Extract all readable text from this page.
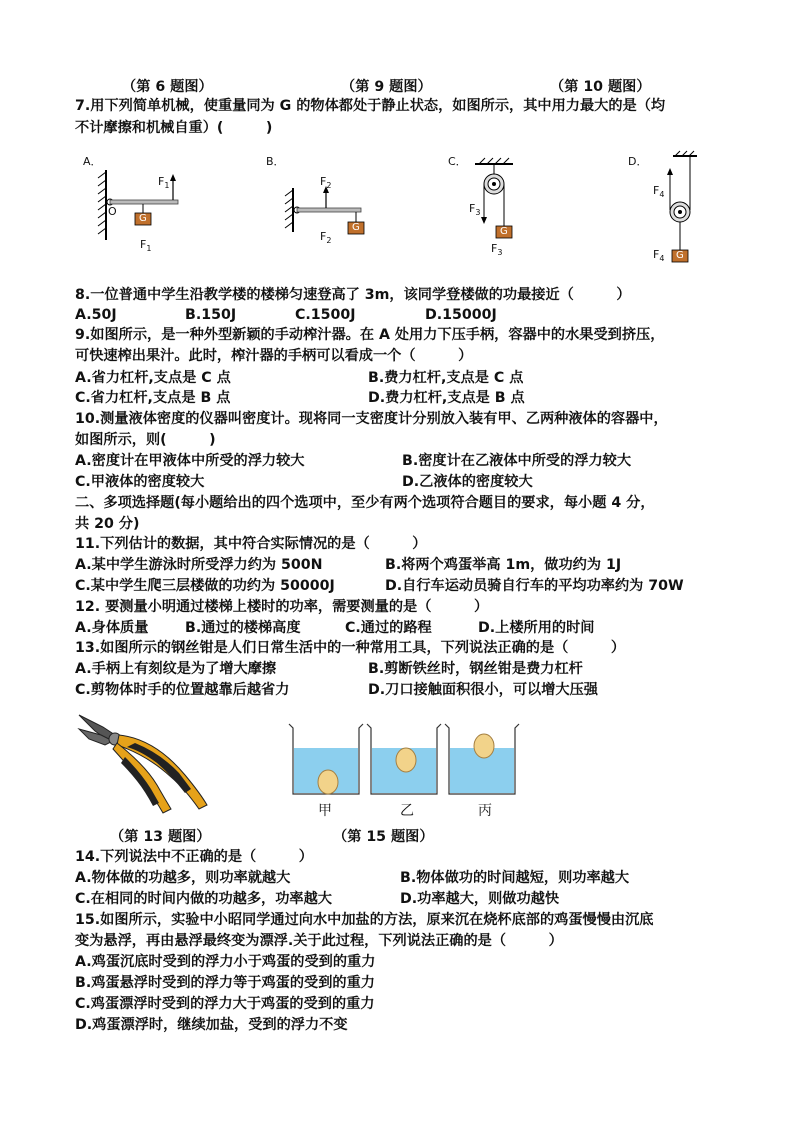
（第 6 题图）	（第 9 题图）	（第 10 题图）
7.用下列简单机械，使重量同为 G 的物体都处于静止状态，如图所示，其中用力最大的是（均
不计摩擦和机械自重）(　　　)
A．
$F_1$
O
G
$F_1$
B．
$F_2$
G
$F_2$
C．
$F_3$
G
$F_3$
D．
$F_4$
G
$F_4$
8.一位普通中学生沿教学楼的楼梯匀速登高了 3m，该同学登楼做的功最接近（　　　）
A.50J	B.150J	C.1500J	D.15000J
9.如图所示，是一种外型新颖的手动榨汁器。在 A 处用力下压手柄，容器中的水果受到挤压，
可快速榨出果汁。此时，榨汁器的手柄可以看成一个（　　　）
A.省力杠杆,支点是 C 点	B.费力杠杆,支点是 C 点
C.省力杠杆,支点是 B 点	D.费力杠杆,支点是 B 点
10.测量液体密度的仪器叫密度计。现将同一支密度计分别放入装有甲、乙两种液体的容器中，
如图所示，则(　　　)
A.密度计在甲液体中所受的浮力较大	B.密度计在乙液体中所受的浮力较大
C.甲液体的密度较大	D.乙液体的密度较大
二、多项选择题(每小题给出的四个选项中，至少有两个选项符合题目的要求，每小题 4 分，
共 20 分)
11.下列估计的数据，其中符合实际情况的是（　　　）
A.某中学生游泳时所受浮力约为 500N	B.将两个鸡蛋举高 1m，做功约为 1J
C.某中学生爬三层楼做的功约为 50000J	D.自行车运动员骑自行车的平均功率约为 70W
12. 要测量小明通过楼梯上楼时的功率，需要测量的是（　　　）
A.身体质量	B.通过的楼梯高度	C.通过的路程	D.上楼所用的时间
13.如图所示的钢丝钳是人们日常生活中的一种常用工具，下列说法正确的是（　　　）
A.手柄上有刻纹是为了增大摩擦	B.剪断铁丝时，钢丝钳是费力杠杆
C.剪物体时手的位置越靠后越省力	D.刀口接触面积很小，可以增大压强
甲	乙	丙
（第 13 题图）	（第 15 题图）
14.下列说法中不正确的是（　　　）
A.物体做的功越多，则功率就越大	B.物体做功的时间越短，则功率越大
C.在相同的时间内做的功越多，功率越大	D.功率越大，则做功越快
15.如图所示，实验中小昭同学通过向水中加盐的方法，原来沉在烧杯底部的鸡蛋慢慢由沉底
变为悬浮，再由悬浮最终变为漂浮.关于此过程，下列说法正确的是（　　　）
A.鸡蛋沉底时受到的浮力小于鸡蛋的受到的重力
B.鸡蛋悬浮时受到的浮力等于鸡蛋的受到的重力
C.鸡蛋漂浮时受到的浮力大于鸡蛋的受到的重力
D.鸡蛋漂浮时，继续加盐，受到的浮力不变
